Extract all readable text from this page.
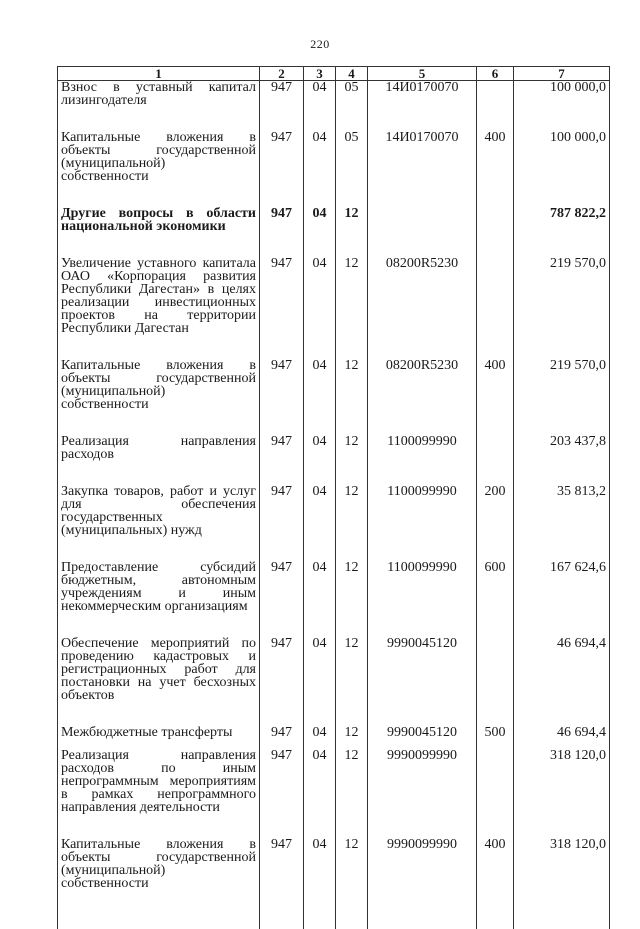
220
1	2	3	4	5	6	7
Взнос в уставный капитал лизингодателя	947	04	05	14И0170070		100 000,0
Капитальные вложения в объекты государственной (муниципальной) собственности	947	04	05	14И0170070	400	100 000,0
Другие вопросы в области национальной экономики	947	04	12			787 822,2
Увеличение уставного капитала ОАО «Корпорация развития Республики Дагестан» в целях реализации инвестиционных проектов на территории Республики Дагестан	947	04	12	08200R5230		219 570,0
Капитальные вложения в объекты государственной (муниципальной) собственности	947	04	12	08200R5230	400	219 570,0
Реализация направления расходов	947	04	12	1100099990		203 437,8
Закупка товаров, работ и услуг для обеспечения государственных (муниципальных) нужд	947	04	12	1100099990	200	35 813,2
Предоставление субсидий бюджетным, автономным учреждениям и иным некоммерческим организациям	947	04	12	1100099990	600	167 624,6
Обеспечение мероприятий по проведению кадастровых и регистрационных работ для постановки на учет бесхозных объектов	947	04	12	9990045120		46 694,4
Межбюджетные трансферты	947	04	12	9990045120	500	46 694,4
Реализация направления расходов по иным непрограммным мероприятиям в рамках непрограммного направления деятельности	947	04	12	9990099990		318 120,0
Капитальные вложения в объекты государственной (муниципальной) собственности	947	04	12	9990099990	400	318 120,0
